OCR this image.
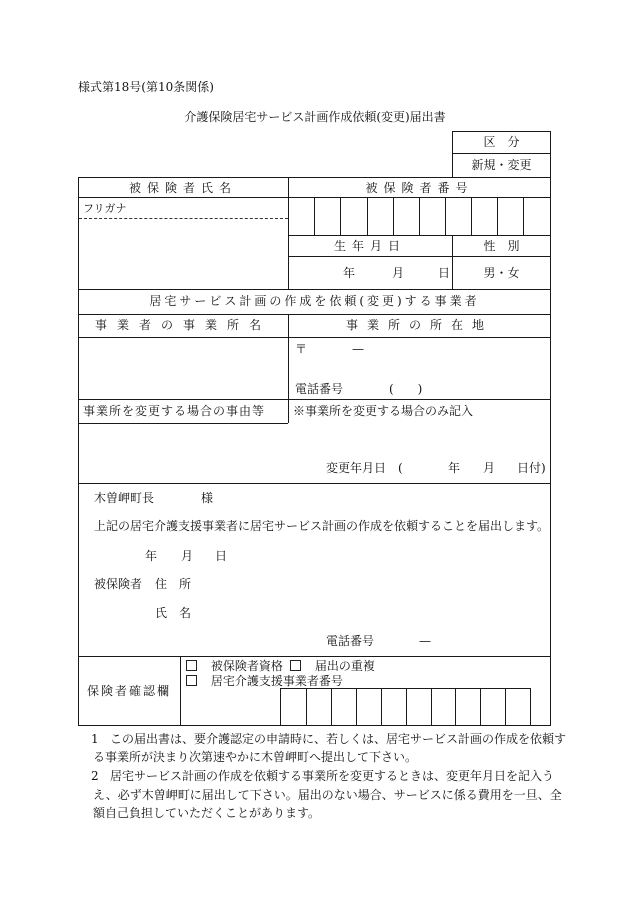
様式第18号(第10条関係)
介護保険居宅サービス計画作成依頼(変更)届出書
区　分
新規・変更
被保険者氏名	被保険者番号
フリガナ
生年月日	性　別
年	月	日	男・女
居宅サービス計画の作成を依頼(変更)する事業者
事業者の事業所名	事業所の所在地
〒	—
電話番号	(　　)
事業所を変更する場合の事由等 ※事業所を変更する場合のみ記入
変更年月日　(	年 月 日付)
木曽岬町長	様
上記の居宅介護支援事業者に居宅サービス計画の作成を依頼することを届出します。
年 月 日
被保険者 住　所
氏　名
電話番号	—
保険者確認欄
被保険者資格	届出の重複
居宅介護支援事業者番号
1 この届出書は、要介護認定の申請時に、若しくは、居宅サービス計画の作成を依頼す
る事業所が決まり次第速やかに木曽岬町へ提出して下さい。
2 居宅サービス計画の作成を依頼する事業所を変更するときは、変更年月日を記入う
え、必ず木曽岬町に届出して下さい。届出のない場合、サービスに係る費用を一旦、全
額自己負担していただくことがあります。
